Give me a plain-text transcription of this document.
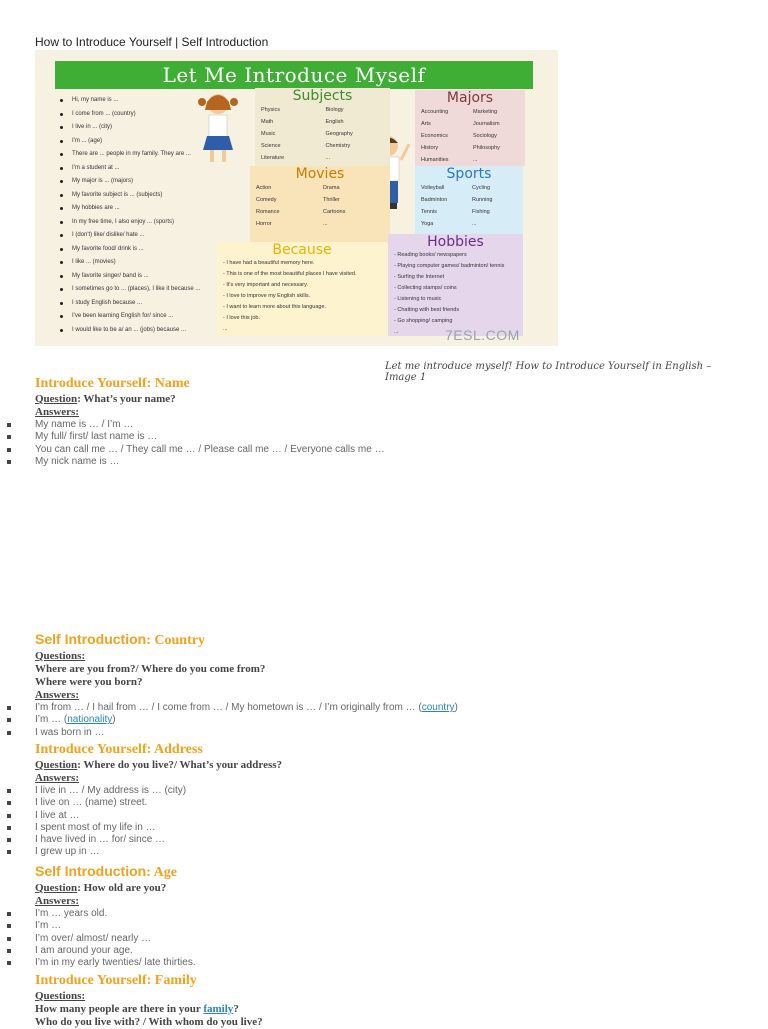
How to Introduce Yourself | Self Introduction
Let Me Introduce Myself
Hi, my name is ...
I come from ... (country)
I live in ... (city)
I'm ... (age)
There are ... people in my family. They are ...
I'm a student at ...
My major is ... (majors)
My favorite subject is ... (subjects)
My hobbies are ...
In my free time, I also enjoy ... (sports)
I (don't) like/ dislike/ hate ...
My favorite food/ drink is ...
I like ... (movies)
My favorite singer/ band is ...
I sometimes go to ... (places), I like it because ...
I study English because ...
I've been learning English for/ since ...
I would like to be a/ an ... (jobs) because ...
Subjects
Physics	Biology
Math	English
Music	Geography
Science	Chemistry
Literature	...
Majors
Accounting	Marketing
Arts	Journalism
Economics	Sociology
History	Philosophy
Humanities	...
Movies
Action	Drama
Comedy	Thriller
Romance	Cartoons
Horror	...
Sports
Volleyball	Cycling
Badminton	Running
Tennis	Fishing
Yoga	...
Because
- I have had a beautiful memory here.
- This is one of the most beautiful places I have visited.
- It's very important and necessary.
- I love to improve my English skills.
- I want to learn more about this language.
- I love this job.
...
Hobbies
- Reading books/ newspapers
- Playing computer games/ badminton/ tennis
- Surfing the Internet
- Collecting stamps/ coins
- Listening to music
- Chatting with best friends
- Go shopping/ camping
...	7ESL.COM
Let me introduce myself! How to Introduce Yourself in English – Image 1
Introduce Yourself: Name

Question: What’s your name?

Answers:

My name is … / I’m …
My full/ first/ last name is …
You can call me … / They call me … / Please call me … / Everyone calls me …
My nick name is …
Self Introduction: Country

Questions:

Where are you from?/ Where do you come from?

Where were you born?

Answers:

I’m from … / I hail from … / I come from … / My hometown is … / I’m originally from … (country)
I’m … (nationality)
I was born in …
Introduce Yourself: Address

Question: Where do you live?/ What’s your address?

Answers:

I live in … / My address is … (city)
I live on … (name) street.
I live at …
I spent most of my life in …
I have lived in … for/ since …
I grew up in …
Self Introduction: Age

Question: How old are you?

Answers:

I’m … years old.
I’m …
I’m over/ almost/ nearly …
I am around your age.
I’m in my early twenties/ late thirties.
Introduce Yourself: Family

Questions:

How many people are there in your family?

Who do you live with? / With whom do you live?
